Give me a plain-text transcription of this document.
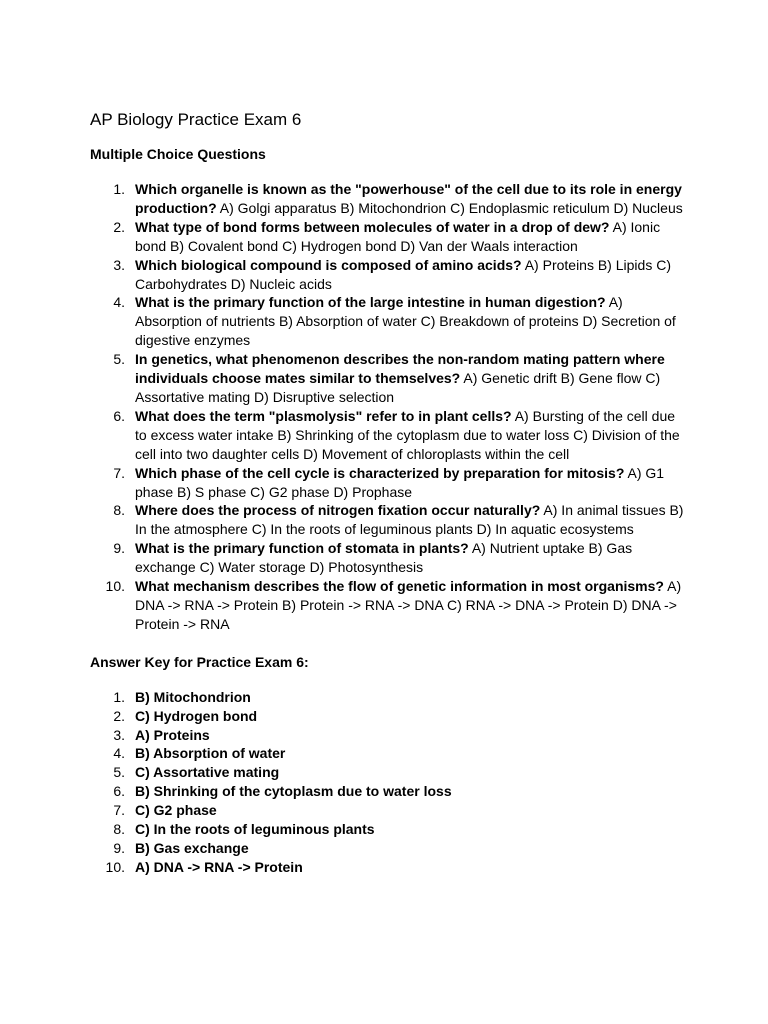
AP Biology Practice Exam 6
Multiple Choice Questions
1. Which organelle is known as the "powerhouse" of the cell due to its role in energy production? A) Golgi apparatus B) Mitochondrion C) Endoplasmic reticulum D) Nucleus
2. What type of bond forms between molecules of water in a drop of dew? A) Ionic bond B) Covalent bond C) Hydrogen bond D) Van der Waals interaction
3. Which biological compound is composed of amino acids? A) Proteins B) Lipids C) Carbohydrates D) Nucleic acids
4. What is the primary function of the large intestine in human digestion? A) Absorption of nutrients B) Absorption of water C) Breakdown of proteins D) Secretion of digestive enzymes
5. In genetics, what phenomenon describes the non-random mating pattern where individuals choose mates similar to themselves? A) Genetic drift B) Gene flow C) Assortative mating D) Disruptive selection
6. What does the term "plasmolysis" refer to in plant cells? A) Bursting of the cell due to excess water intake B) Shrinking of the cytoplasm due to water loss C) Division of the cell into two daughter cells D) Movement of chloroplasts within the cell
7. Which phase of the cell cycle is characterized by preparation for mitosis? A) G1 phase B) S phase C) G2 phase D) Prophase
8. Where does the process of nitrogen fixation occur naturally? A) In animal tissues B) In the atmosphere C) In the roots of leguminous plants D) In aquatic ecosystems
9. What is the primary function of stomata in plants? A) Nutrient uptake B) Gas exchange C) Water storage D) Photosynthesis
10. What mechanism describes the flow of genetic information in most organisms? A) DNA -> RNA -> Protein B) Protein -> RNA -> DNA C) RNA -> DNA -> Protein D) DNA -> Protein -> RNA
Answer Key for Practice Exam 6:
1. B) Mitochondrion
2. C) Hydrogen bond
3. A) Proteins
4. B) Absorption of water
5. C) Assortative mating
6. B) Shrinking of the cytoplasm due to water loss
7. C) G2 phase
8. C) In the roots of leguminous plants
9. B) Gas exchange
10. A) DNA -> RNA -> Protein
